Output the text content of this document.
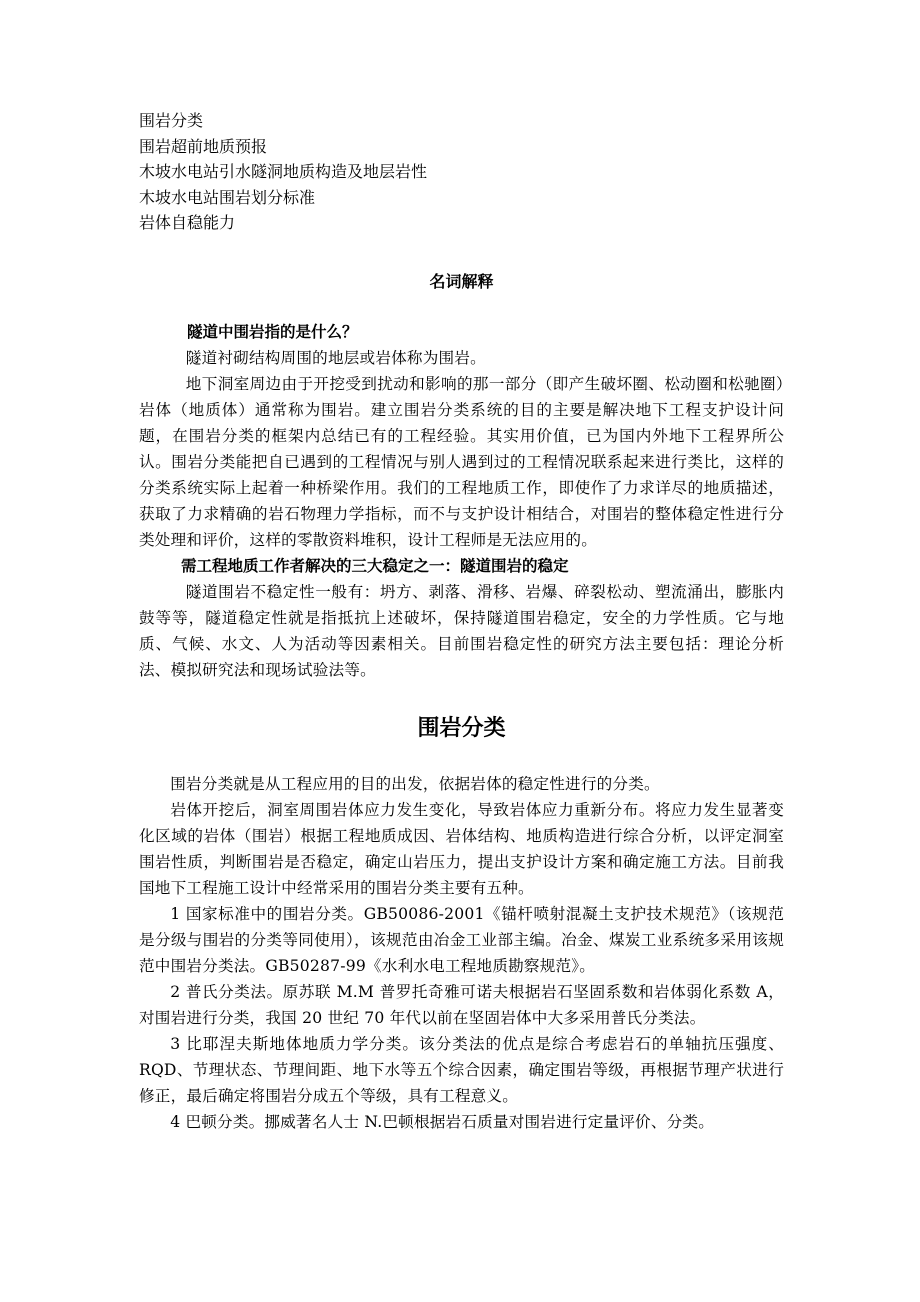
围岩分类
围岩超前地质预报
木坡水电站引水隧洞地质构造及地层岩性
木坡水电站围岩划分标准
岩体自稳能力
名词解释
隧道中围岩指的是什么？

隧道衬砌结构周围的地层或岩体称为围岩。

地下洞室周边由于开挖受到扰动和影响的那一部分（即产生破坏圈、松动圈和松驰圈）岩体（地质体）通常称为围岩。建立围岩分类系统的目的主要是解决地下工程支护设计问题，在围岩分类的框架内总结已有的工程经验。其实用价值，已为国内外地下工程界所公认。围岩分类能把自已遇到的工程情况与别人遇到过的工程情况联系起来进行类比，这样的分类系统实际上起着一种桥梁作用。我们的工程地质工作，即使作了力求详尽的地质描述，获取了力求精确的岩石物理力学指标，而不与支护设计相结合，对围岩的整体稳定性进行分类处理和评价，这样的零散资料堆积，设计工程师是无法应用的。

需工程地质工作者解决的三大稳定之一：隧道围岩的稳定

隧道围岩不稳定性一般有：坍方、剥落、滑移、岩爆、碎裂松动、塑流涌出，膨胀内鼓等等，隧道稳定性就是指抵抗上述破坏，保持隧道围岩稳定，安全的力学性质。它与地质、气候、水文、人为活动等因素相关。目前围岩稳定性的研究方法主要包括：理论分析法、模拟研究法和现场试验法等。

围岩分类

围岩分类就是从工程应用的目的出发，依据岩体的稳定性进行的分类。

岩体开挖后，洞室周围岩体应力发生变化，导致岩体应力重新分布。将应力发生显著变化区域的岩体（围岩）根据工程地质成因、岩体结构、地质构造进行综合分析，以评定洞室围岩性质，判断围岩是否稳定，确定山岩压力，提出支护设计方案和确定施工方法。目前我国地下工程施工设计中经常采用的围岩分类主要有五种。

1 国家标准中的围岩分类。GB50086-2001《锚杆喷射混凝土支护技术规范》（该规范是分级与围岩的分类等同使用），该规范由冶金工业部主编。冶金、煤炭工业系统多采用该规范中围岩分类法。GB50287-99《水利水电工程地质勘察规范》。

2 普氏分类法。原苏联 M.M 普罗托奇雅可诺夫根据岩石坚固系数和岩体弱化系数 A，对围岩进行分类，我国 20 世纪 70 年代以前在坚固岩体中大多采用普氏分类法。

3 比耶涅夫斯地体地质力学分类。该分类法的优点是综合考虑岩石的单轴抗压强度、RQD、节理状态、节理间距、地下水等五个综合因素，确定围岩等级，再根据节理产状进行修正，最后确定将围岩分成五个等级，具有工程意义。

4 巴顿分类。挪威著名人士 N.巴顿根据岩石质量对围岩进行定量评价、分类。
